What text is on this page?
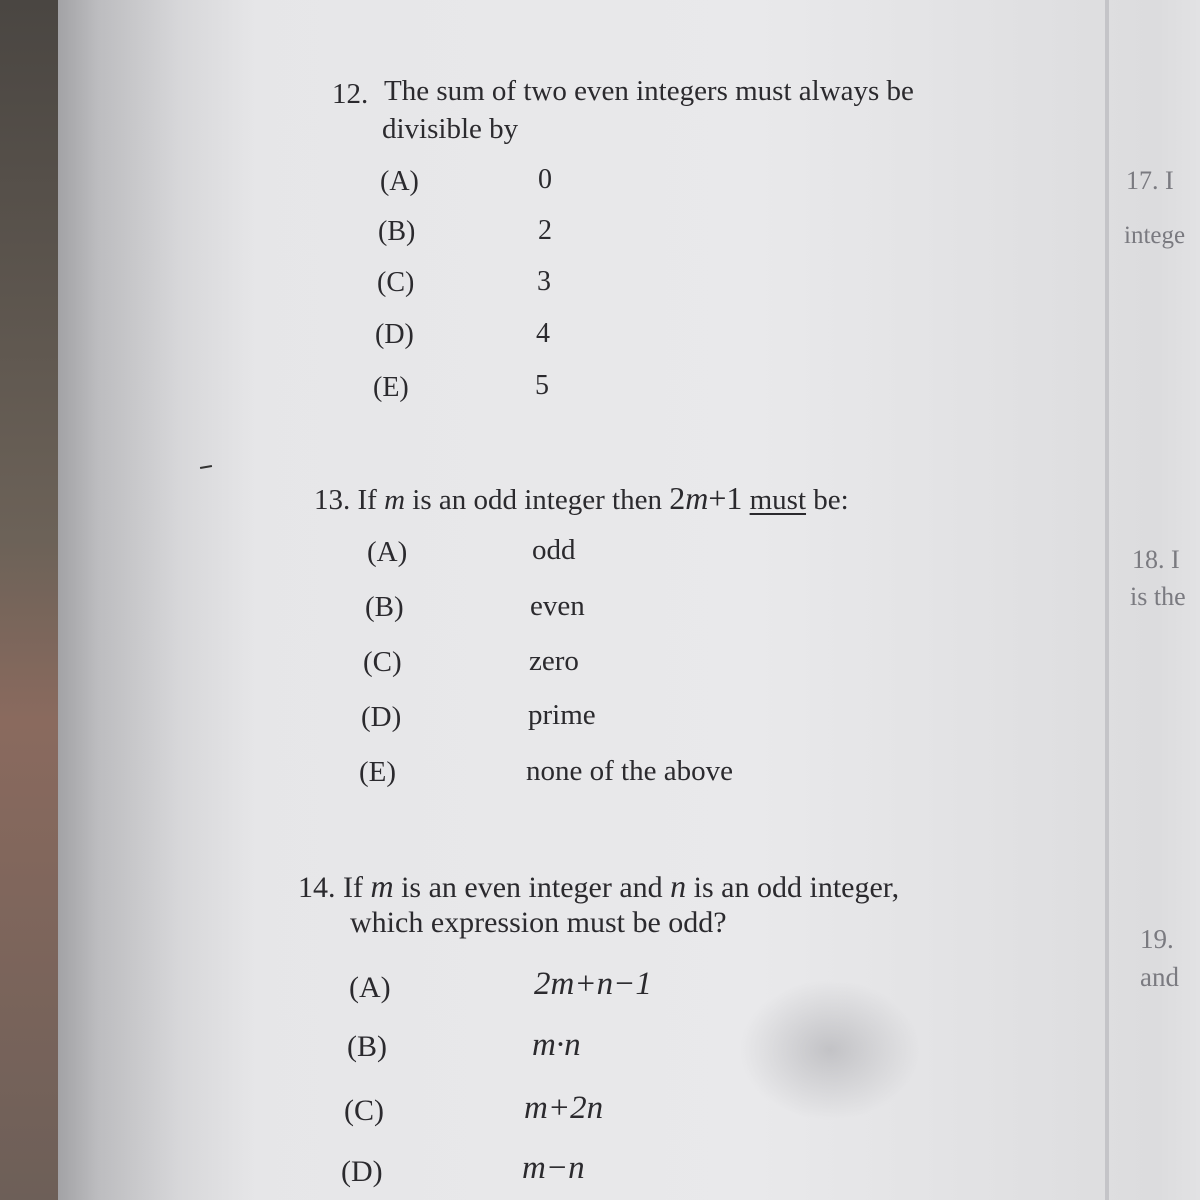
12. The sum of two even integers must always be
divisible by
(A)	0
(B)	2
(C)	3
(D)	4
(E)	5
13. If m is an odd integer then 2m+1 must be:
(A)	odd
(B)	even
(C)	zero
(D)	prime
(E)	none of the above
14. If m is an even integer and n is an odd integer,
which expression must be odd?
(A)	2m+n−1
(B)	m·n
(C)	m+2n
(D)	m−n
17. I
intege
18. I
is the
19.
and
